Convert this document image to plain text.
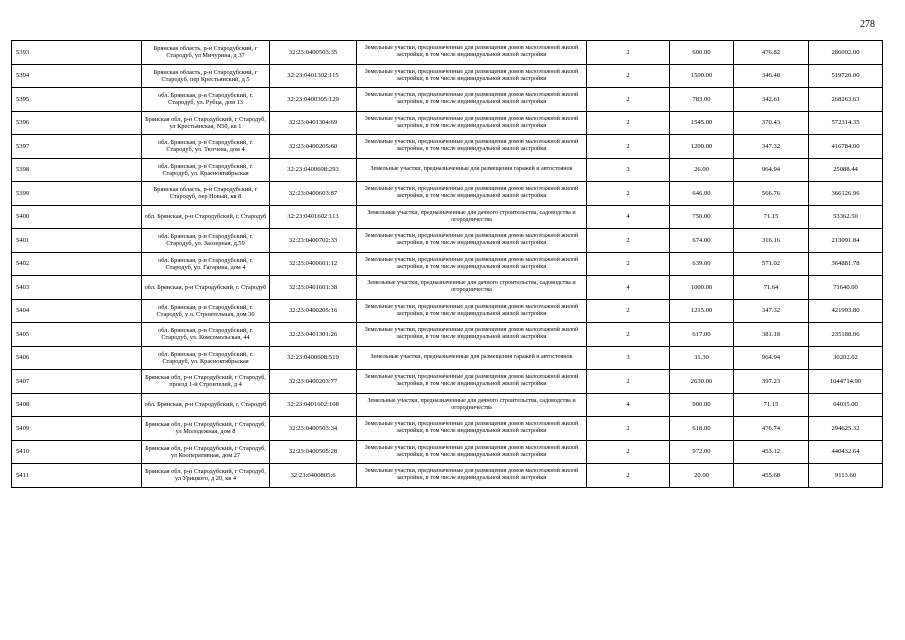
278
5393	Брянская область, р-н Стародубский, г Стародуб, ул Мичурина, д 37	32:23:0400503:35	Земельные участки, предназначенные для размещения домов малоэтажной жилой застройки, в том числе индивидуальной жилой застройки	2	600.00	476.82	286092.00
5394	Брянская область, р-н Стародубский, г Стародуб, пер Крестьянский, д 5	32:23:0401302:115	Земельные участки, предназначенные для размещения домов малоэтажной жилой застройки, в том числе индивидуальной жилой застройки	2	1500.00	346.48	519720.00
5395	обл. Брянская, р-н Стародубский, г. Стародуб, ул. Рубца, дом 13	32:23:0400305:129	Земельные участки, предназначенные для размещения домов малоэтажной жилой застройки, в том числе индивидуальной жилой застройки	2	783.00	342.61	268263.63
5396	Брянская обл, р-н Стародубский, г Стародуб, ул Крестьянская, N50, кв 1	32:23:0401304:69	Земельные участки, предназначенные для размещения домов малоэтажной жилой застройки, в том числе индивидуальной жилой застройки	2	1545.00	370.43	572314.35
5397	обл. Брянская, р-н Стародубский, г. Стародуб, ул. Тютчева, дом 4	32:23:0400205:60	Земельные участки, предназначенные для размещения домов малоэтажной жилой застройки, в том числе индивидуальной жилой застройки	2	1200.00	347.32	416784.00
5398	обл. Брянская, р-н Стародубский, г. Стародуб, ул. Красноктябрьская	32:23:0400608:293	Земельные участки, предназначенные для размещения гаражей и автостоянок	3	26.00	964.94	25088.44
5399	Брянская область, р-н Стародубский, г Стародуб, пер Новый, кв 8	32:23:0400603:87	Земельные участки, предназначенные для размещения домов малоэтажной жилой застройки, в том числе индивидуальной жилой застройки	2	646.00	566.76	366126.96
5400	обл. Брянская, р-н Стародубский, г. Стародуб	32:23:0401602:113	Земельные участки, предназначенные для дачного строительства, садоводства и огородничества	4	750.00	71.15	53362.50
5401	обл. Брянская, р-н Стародубский, г. Стародуб, ул. Заозерная, д.59	32:23:0400702:33	Земельные участки, предназначенные для размещения домов малоэтажной жилой застройки, в том числе индивидуальной жилой застройки	2	674.00	316.16	213091.84
5402	обл. Брянская, р-н Стародубский, г. Стародуб, ул. Гагарина, дом 4	32:23:0400601:12	Земельные участки, предназначенные для размещения домов малоэтажной жилой застройки, в том числе индивидуальной жилой застройки	2	639.00	571.02	364881.78
5403	обл. Брянская, р-н Стародубский, г. Стародуб	32:23:0401601:38	Земельные участки, предназначенные для дачного строительства, садоводства и огородничества	4	1000.00	71.64	71640.00
5404	обл. Брянская, р-н Стародубский, г. Стародуб, у л. Строительная, дом 30	32:23:0400205:16	Земельные участки, предназначенные для размещения домов малоэтажной жилой застройки, в том числе индивидуальной жилой застройки	2	1215.00	347.32	421993.80
5405	обл. Брянская, р-н Стародубский, г. Стародуб, ул. Комсомольская, 44	32:23:0401301:26	Земельные участки, предназначенные для размещения домов малоэтажной жилой застройки, в том числе индивидуальной жилой застройки	2	617.00	381.18	235188.06
5406	обл. Брянская, р-н Стародубский, г. Стародуб, ул. Красноктябрьская	32:23:0400608:519	Земельные участки, предназначенные для размещения гаражей и автостоянок	3	31.30	964.94	30202.62
5407	Брянская обл, р-н Стародубский, г Стародуб, проезд 1-й Строителей, д 4	32:23:0400203:77	Земельные участки, предназначенные для размещения домов малоэтажной жилой застройки, в том числе индивидуальной жилой застройки	2	2630.00	397.23	1044714.90
5408	обл. Брянская, р-н Стародубский, г. Стародуб	32:23:0401602:108	Земельные участки, предназначенные для дачного строительства, садоводства и огородничества	4	900.00	71.15	64035.00
5409	Брянская обл, р-н Стародубский, г Стародуб, ул Молодежная, дом 8	32:23:0400503:34	Земельные участки, предназначенные для размещения домов малоэтажной жилой застройки, в том числе индивидуальной жилой застройки	2	618.00	476.74	294625.32
5410	Брянская обл, р-н Стародубский, г Стародуб, ул Кооперативная, дом 27	32:23:0400505:28	Земельные участки, предназначенные для размещения домов малоэтажной жилой застройки, в том числе индивидуальной жилой застройки	2	972.00	453.12	440432.64
5411	Брянская обл, р-н Стародубский, г Стародуб, ул Урицкого, д 20, кв 4	32:23:0400805:6	Земельные участки, предназначенные для размещения домов малоэтажной жилой застройки, в том числе индивидуальной жилой застройки	2	20.00	455.68	9113.60
